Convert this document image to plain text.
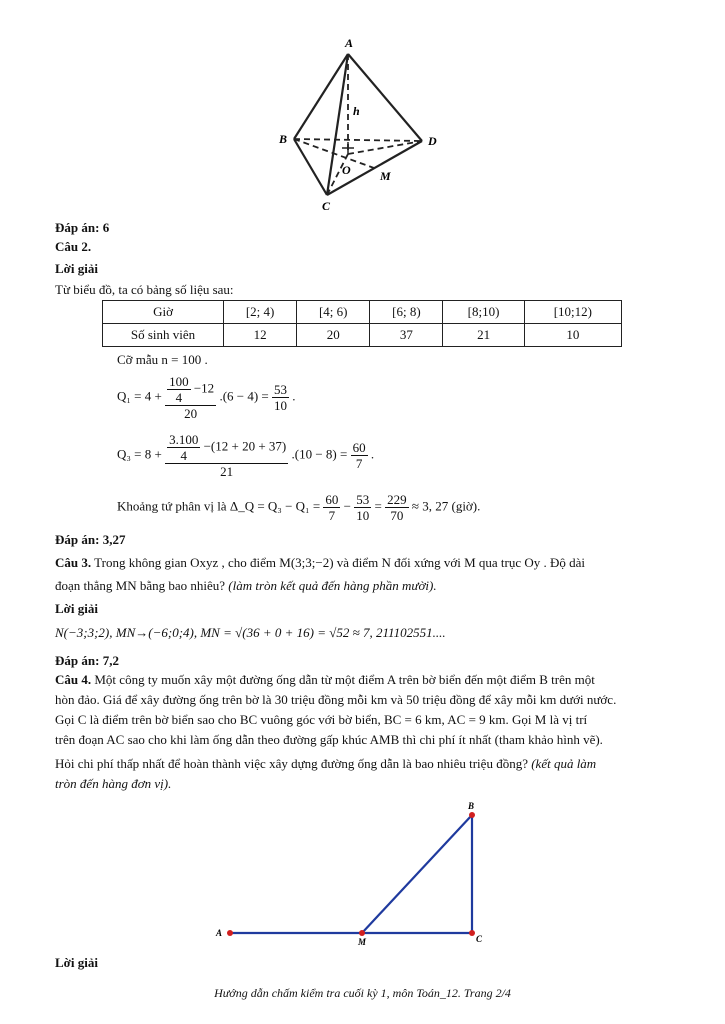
A
B
C
D
O M
h
Đáp án: 6
Câu 2.
Lời giải
Từ biểu đồ, ta có bảng số liệu sau:
Giờ	[2; 4)	[4; 6)	[6; 8)	[8;10)	[10;12)
Số sinh viên	12	20	37	21	10
Cỡ mẫu n = 100 .
$Q_1 = 4 + \frac{\frac{100}{4} -12}{20} .(6 - 4) = \frac{53}{10}$ .
$Q_3 = 8 + \frac{\frac{3.100}{4} -(12 + 20 + 37)}{21} .(10 - 8) = \frac{60}{7}$ .
Khoảng tứ phân vị là Δ_Q = $Q_3 - Q_1 = \frac{60}{7} - \frac{53}{10} = \frac{229}{70} \approx 3$, 27 (giờ).
Đáp án: 3,27
Câu 3. Trong không gian Oxyz , cho điểm M(3;3;−2) và điểm N đối xứng với M qua trục Oy . Độ dài
đoạn thẳng MN bằng bao nhiêu? (làm tròn kết quả đến hàng phần mười).
Lời giải
N(−3;3;2), MN→(−6;0;4), MN = √(36 + 0 + 16) = √52 ≈ 7, 211102551....
Đáp án: 7,2
Câu 4. Một công ty muốn xây một đường ống dẫn từ một điểm A trên bờ biển đến một điểm B trên một
hòn đảo. Giá để xây đường ống trên bờ là 30 triệu đồng mỗi km và 50 triệu đồng để xây mỗi km dưới nước.
Gọi C là điểm trên bờ biển sao cho BC vuông góc với bờ biển, BC = 6 km, AC = 9 km. Gọi M là vị trí
trên đoạn AC sao cho khi làm ống dẫn theo đường gấp khúc AMB thì chi phí ít nhất (tham khảo hình vẽ).
Hỏi chi phí thấp nhất để hoàn thành việc xây dựng đường ống dẫn là bao nhiêu triệu đồng? (kết quả làm
tròn đến hàng đơn vị).
A
M	C
B
Lời giải
Hướng dẫn chấm kiểm tra cuối kỳ 1, môn Toán_12. Trang 2/4
